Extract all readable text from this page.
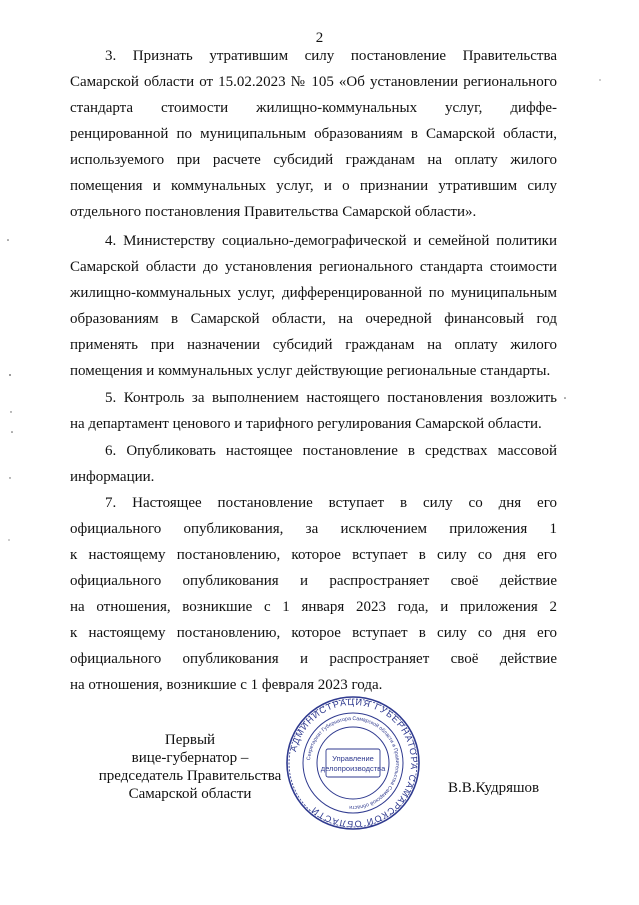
2
3. Признать утратившим силу постановление Правительства
Самарской области от 15.02.2023 № 105 «Об установлении регионального
стандарта стоимости жилищно-коммунальных услуг, диффе-
ренцированной по муниципальным образованиям в Самарской области,
используемого при расчете субсидий гражданам на оплату жилого
помещения и коммунальных услуг, и о признании утратившим силу
отдельного постановления Правительства Самарской области».
4. Министерству социально-демографической и семейной политики
Самарской области до установления регионального стандарта стоимости
жилищно-коммунальных услуг, дифференцированной по муниципальным
образованиям в Самарской области, на очередной финансовый год
применять при назначении субсидий гражданам на оплату жилого
помещения и коммунальных услуг действующие региональные стандарты.
5. Контроль за выполнением настоящего постановления возложить
на департамент ценового и тарифного регулирования Самарской области.
6. Опубликовать настоящее постановление в средствах массовой
информации.
7. Настоящее постановление вступает в силу со дня его
официального опубликования, за исключением приложения 1
к настоящему постановлению, которое вступает в силу со дня его
официального опубликования и распространяет своё действие
на отношения, возникшие с 1 января 2023 года, и приложения 2
к настоящему постановлению, которое вступает в силу со дня его
официального опубликования и распространяет своё действие
на отношения, возникшие с 1 февраля 2023 года.
Первый
вице-губернатор –
председатель Правительства
Самарской области	В.В.Кудряшов
АДМИНИСТРАЦИЯ ГУБЕРНАТОРА САМАРСКОЙ ОБЛАСТИ
Секретариат Губернатора Самарской области и Правительства Самарской области
Управление
делопроизводства
